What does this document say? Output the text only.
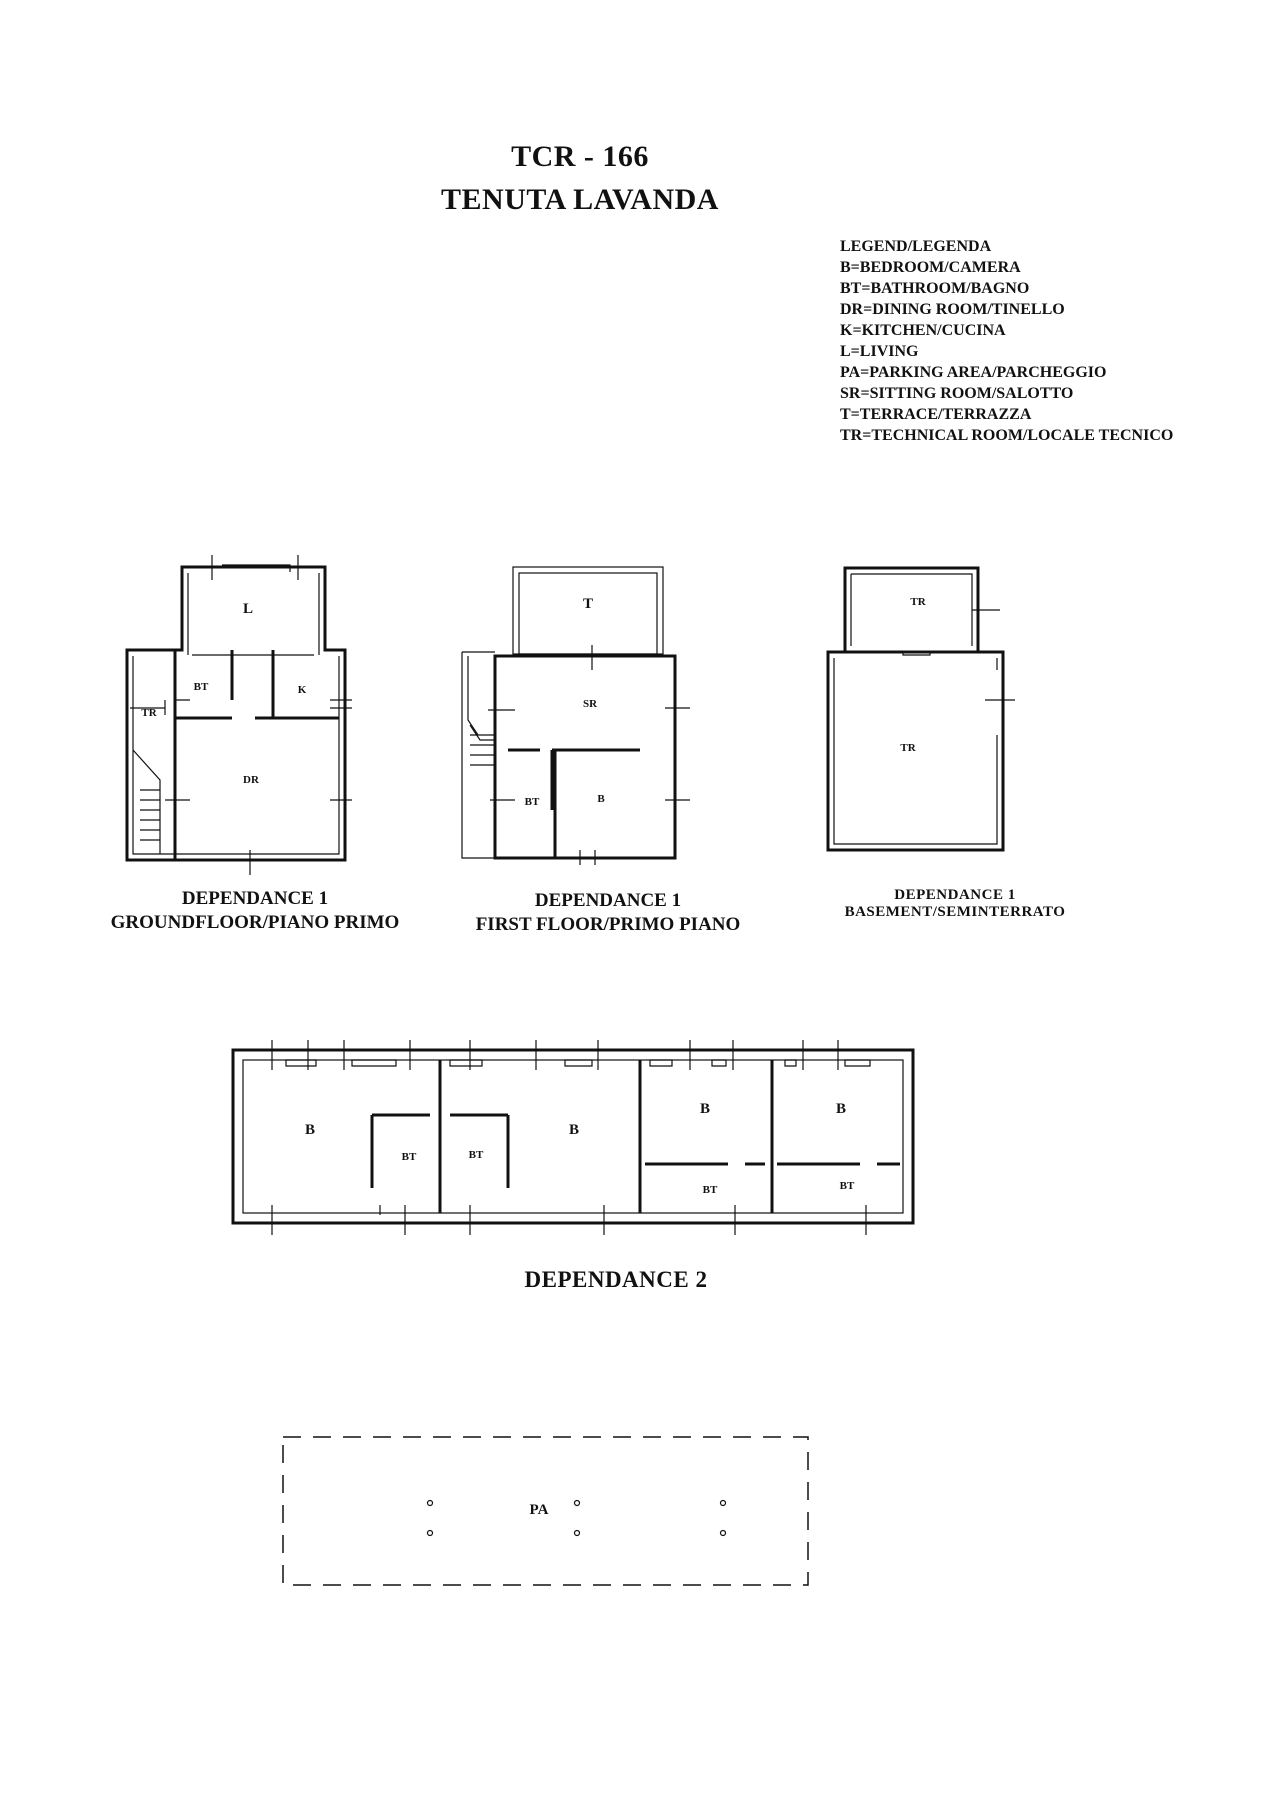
TCR - 166
TENUTA LAVANDA
LEGEND/LEGENDA
B=BEDROOM/CAMERA
BT=BATHROOM/BAGNO
DR=DINING ROOM/TINELLO
K=KITCHEN/CUCINA
L=LIVING
PA=PARKING AREA/PARCHEGGIO
SR=SITTING ROOM/SALOTTO
T=TERRACE/TERRAZZA
TR=TECHNICAL ROOM/LOCALE TECNICO
L
BT	K
TR
DR
T
SR
BT	B
TR
TR
B
BT	BT
B
B
BT
B
BT
PA
DEPENDANCE 1
GROUNDFLOOR/PIANO PRIMO
DEPENDANCE 1
FIRST FLOOR/PRIMO PIANO
DEPENDANCE 1
BASEMENT/SEMINTERRATO
DEPENDANCE 2
